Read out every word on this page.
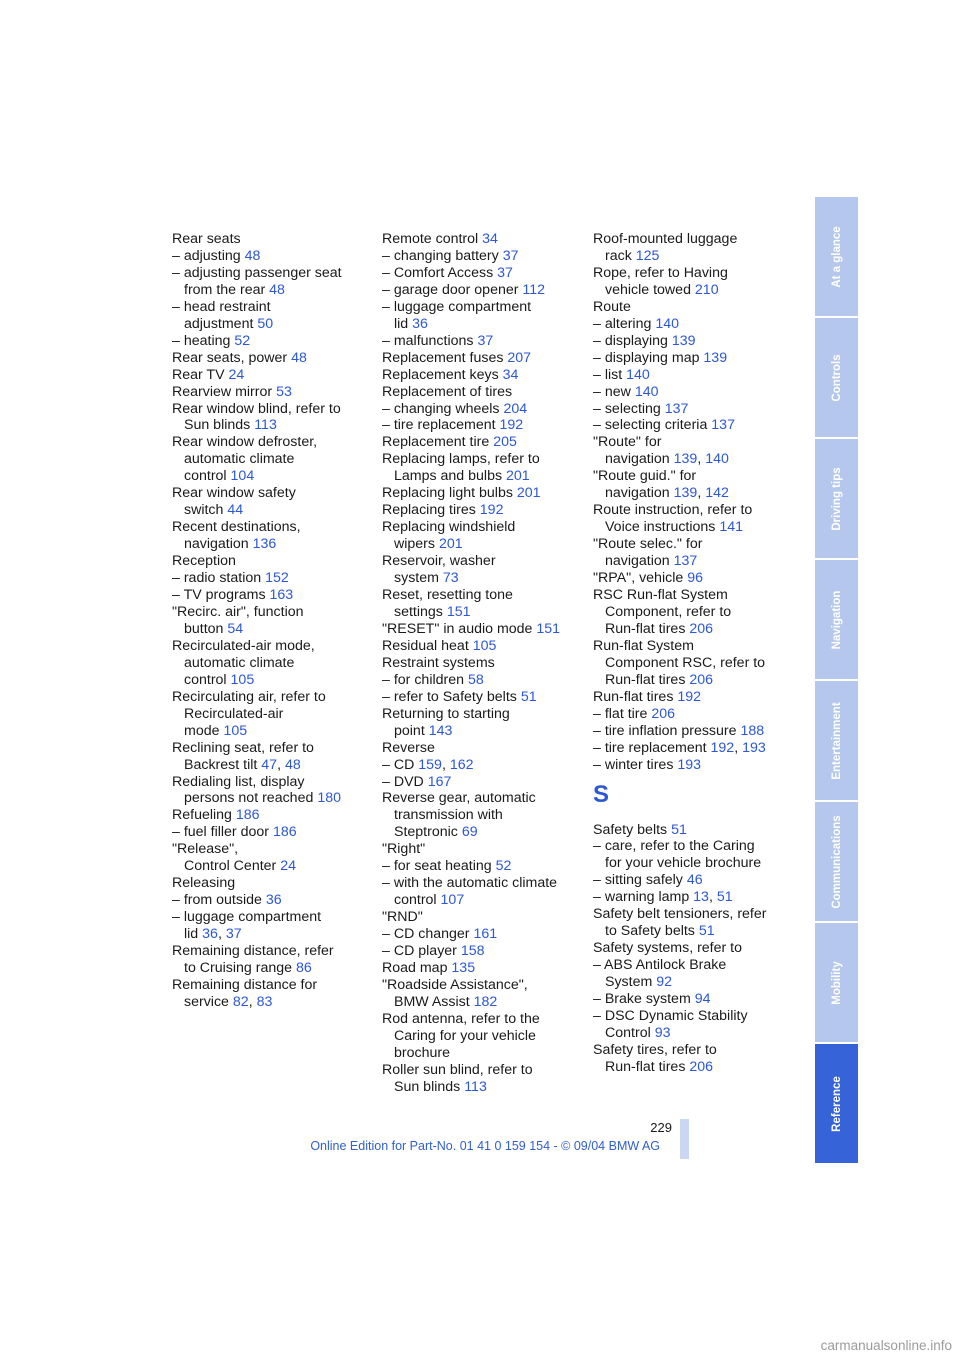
Rear seats
– adjusting 48
– adjusting passenger seat
from the rear 48
– head restraint
adjustment 50
– heating 52
Rear seats, power 48
Rear TV 24
Rearview mirror 53
Rear window blind, refer to
Sun blinds 113
Rear window defroster,
automatic climate
control 104
Rear window safety
switch 44
Recent destinations,
navigation 136
Reception
– radio station 152
– TV programs 163
"Recirc. air", function
button 54
Recirculated-air mode,
automatic climate
control 105
Recirculating air, refer to
Recirculated-air
mode 105
Reclining seat, refer to
Backrest tilt 47, 48
Redialing list, display
persons not reached 180
Refueling 186
– fuel filler door 186
"Release",
Control Center 24
Releasing
– from outside 36
– luggage compartment
lid 36, 37
Remaining distance, refer
to Cruising range 86
Remaining distance for
service 82, 83
Remote control 34
– changing battery 37
– Comfort Access 37
– garage door opener 112
– luggage compartment
lid 36
– malfunctions 37
Replacement fuses 207
Replacement keys 34
Replacement of tires
– changing wheels 204
– tire replacement 192
Replacement tire 205
Replacing lamps, refer to
Lamps and bulbs 201
Replacing light bulbs 201
Replacing tires 192
Replacing windshield
wipers 201
Reservoir, washer
system 73
Reset, resetting tone
settings 151
"RESET" in audio mode 151
Residual heat 105
Restraint systems
– for children 58
– refer to Safety belts 51
Returning to starting
point 143
Reverse
– CD 159, 162
– DVD 167
Reverse gear, automatic
transmission with
Steptronic 69
"Right"
– for seat heating 52
– with the automatic climate
control 107
"RND"
– CD changer 161
– CD player 158
Road map 135
"Roadside Assistance",
BMW Assist 182
Rod antenna, refer to the
Caring for your vehicle
brochure
Roller sun blind, refer to
Sun blinds 113
Roof-mounted luggage
rack 125
Rope, refer to Having
vehicle towed 210
Route
– altering 140
– displaying 139
– displaying map 139
– list 140
– new 140
– selecting 137
– selecting criteria 137
"Route" for
navigation 139, 140
"Route guid." for
navigation 139, 142
Route instruction, refer to
Voice instructions 141
"Route selec." for
navigation 137
"RPA", vehicle 96
RSC Run-flat System
Component, refer to
Run-flat tires 206
Run-flat System
Component RSC, refer to
Run-flat tires 206
Run-flat tires 192
– flat tire 206
– tire inflation pressure 188
– tire replacement 192, 193
– winter tires 193
S
Safety belts 51
– care, refer to the Caring
for your vehicle brochure
– sitting safely 46
– warning lamp 13, 51
Safety belt tensioners, refer
to Safety belts 51
Safety systems, refer to
– ABS Antilock Brake
System 92
– Brake system 94
– DSC Dynamic Stability
Control 93
Safety tires, refer to
Run-flat tires 206
At a glance
Controls
Driving tips
Navigation
Entertainment
Communications
Mobility
Reference
229
Online Edition for Part-No. 01 41 0 159 154 - © 09/04 BMW AG
carmanualsonline.info
